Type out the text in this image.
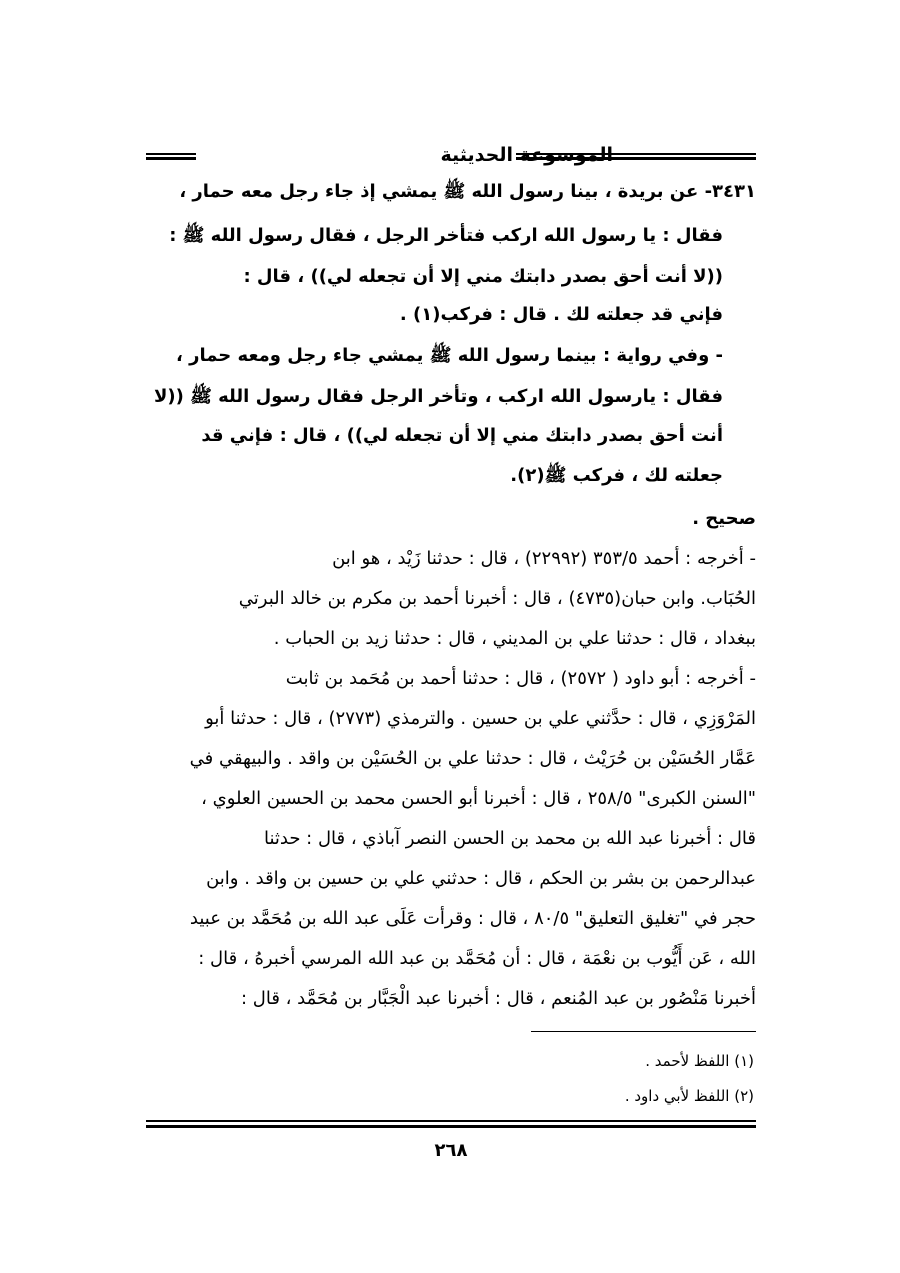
الموسوعة الحديثية
٣٤٣١- عن بريدة ، بينا رسول الله ﷺ يمشي إذ جاء رجل معه حمار ،
فقال : يا رسول الله اركب فتأخر الرجل ، فقال رسول الله ﷺ :
((لا أنت أحق بصدر دابتك مني إلا أن تجعله لي)) ، قال :
فإني قد جعلته لك . قال : فركب(١) .
- وفي رواية : بينما رسول الله ﷺ يمشي جاء رجل ومعه حمار ،
فقال : يارسول الله اركب ، وتأخر الرجل فقال رسول الله ﷺ ((لا
أنت أحق بصدر دابتك مني إلا أن تجعله لي)) ، قال : فإني قد
جعلته لك ، فركب ﷺ(٢).
صحيح .
- أخرجه : أحمد ٣٥٣/٥ (٢٢٩٩٢) ، قال : حدثنا زَيْد ، هو ابن
الحُبَاب. وابن حبان(٤٧٣٥) ، قال : أخبرنا أحمد بن مكرم بن خالد البرتي
ببغداد ، قال : حدثنا علي بن المديني ، قال : حدثنا زيد بن الحباب .
- أخرجه : أبو داود ( ٢٥٧٢) ، قال : حدثنا أحمد بن مُحَمد بن ثابت
المَرْوَزِي ، قال : حدَّثني علي بن حسين . والترمذي (٢٧٧٣) ، قال : حدثنا أبو
عَمَّار الحُسَيْن بن حُرَيْث ، قال : حدثنا علي بن الحُسَيْن بن واقد . والبيهقي في
"السنن الكبرى" ٢٥٨/٥ ، قال : أخبرنا أبو الحسن محمد بن الحسين العلوي ،
قال : أخبرنا عبد الله بن محمد بن الحسن النصر آباذي ، قال : حدثنا
عبدالرحمن بن بشر بن الحكم ، قال : حدثني علي بن حسين بن واقد . وابن
حجر في "تغليق التعليق" ٨٠/٥ ، قال : وقرأت عَلَى عبد الله بن مُحَمَّد بن عبيد
الله ، عَن أَيُّوب بن نعْمَة ، قال : أن مُحَمَّد بن عبد الله المرسي أخبرهُ ، قال :
أخبرنا مَنْصُور بن عبد المُنعم ، قال : أخبرنا عبد الْجَبَّار بن مُحَمَّد ، قال :
(١) اللفظ لأحمد .
(٢) اللفظ لأبي داود .
٢٦٨
